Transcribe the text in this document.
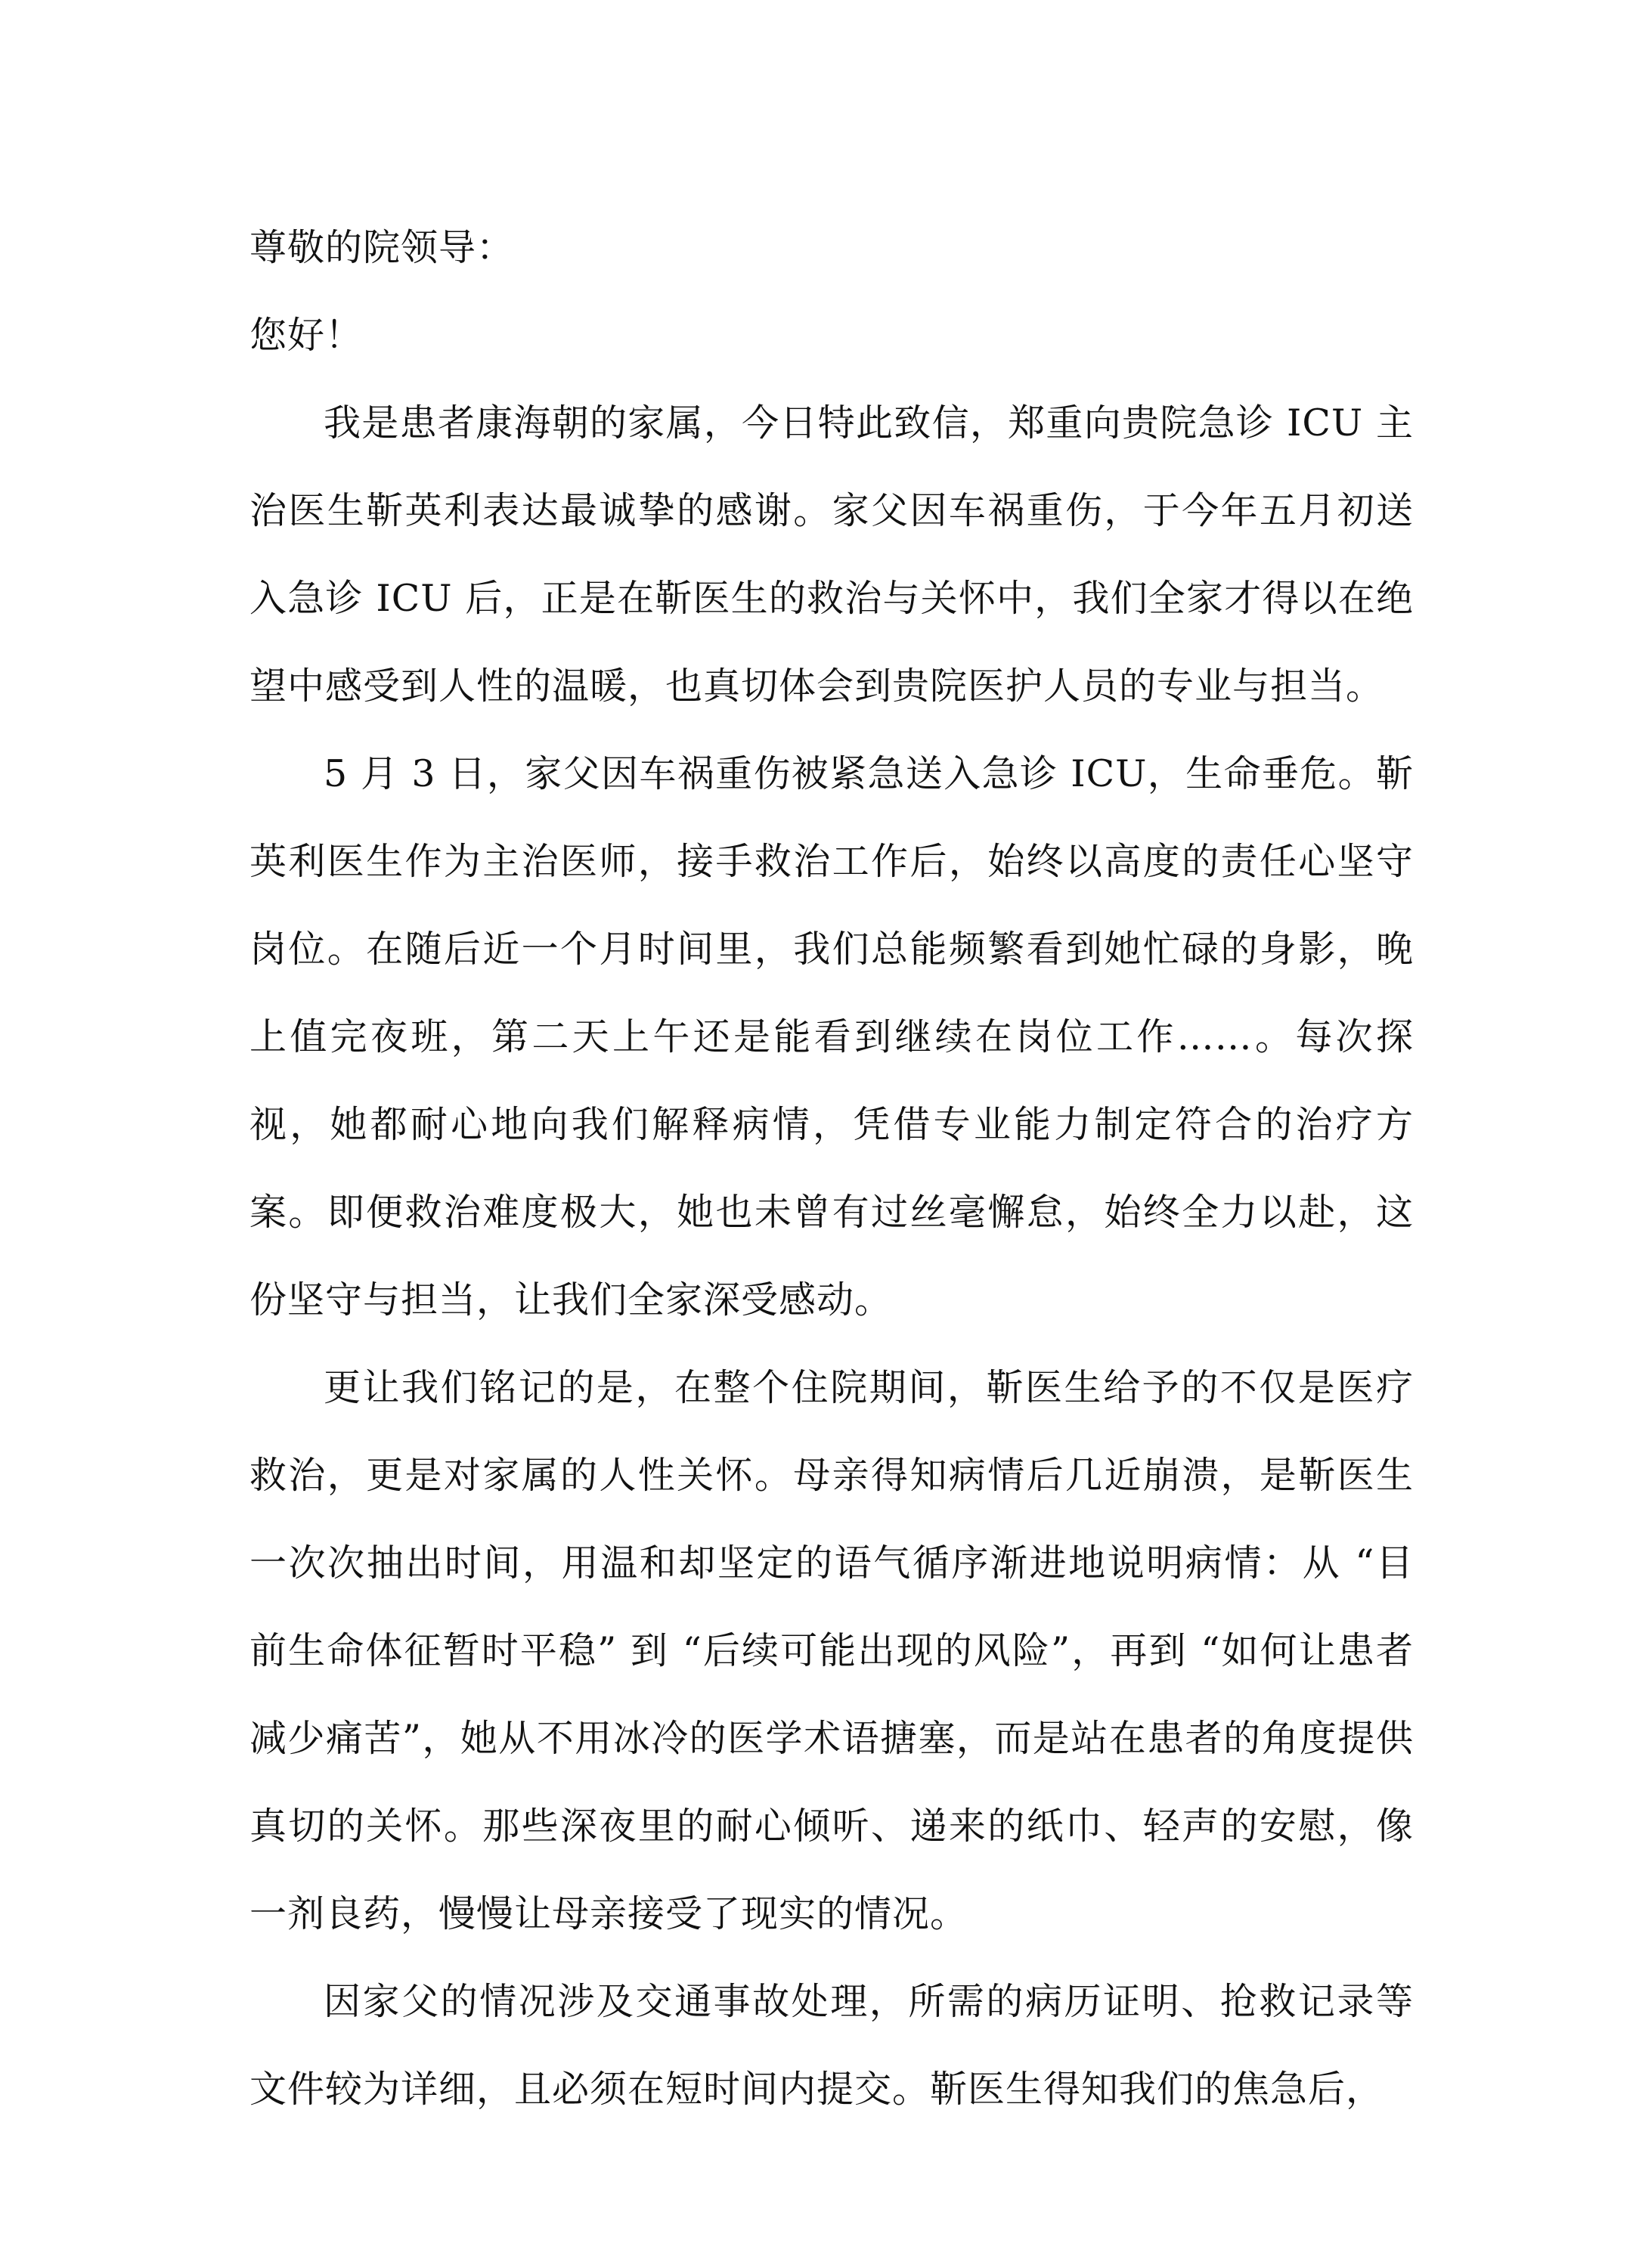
尊敬的院领导：

您好！

我是患者康海朝的家属，今日特此致信，郑重向贵院急诊 ICU 主治医生靳英利表达最诚挚的感谢。家父因车祸重伤，于今年五月初送入急诊 ICU 后，正是在靳医生的救治与关怀中，我们全家才得以在绝望中感受到人性的温暖，也真切体会到贵院医护人员的专业与担当。

5 月 3 日，家父因车祸重伤被紧急送入急诊 ICU，生命垂危。靳英利医生作为主治医师，接手救治工作后，始终以高度的责任心坚守岗位。在随后近一个月时间里，我们总能频繁看到她忙碌的身影，晚上值完夜班，第二天上午还是能看到继续在岗位工作……。每次探视，她都耐心地向我们解释病情，凭借专业能力制定符合的治疗方案。即便救治难度极大，她也未曾有过丝毫懈怠，始终全力以赴，这份坚守与担当，让我们全家深受感动。

更让我们铭记的是，在整个住院期间，靳医生给予的不仅是医疗救治，更是对家属的人性关怀。母亲得知病情后几近崩溃，是靳医生一次次抽出时间，用温和却坚定的语气循序渐进地说明病情：从 “目前生命体征暂时平稳” 到 “后续可能出现的风险”，再到 “如何让患者减少痛苦”，她从不用冰冷的医学术语搪塞，而是站在患者的角度提供真切的关怀。那些深夜里的耐心倾听、递来的纸巾、轻声的安慰，像一剂良药，慢慢让母亲接受了现实的情况。

因家父的情况涉及交通事故处理，所需的病历证明、抢救记录等文件较为详细，且必须在短时间内提交。靳医生得知我们的焦急后，
